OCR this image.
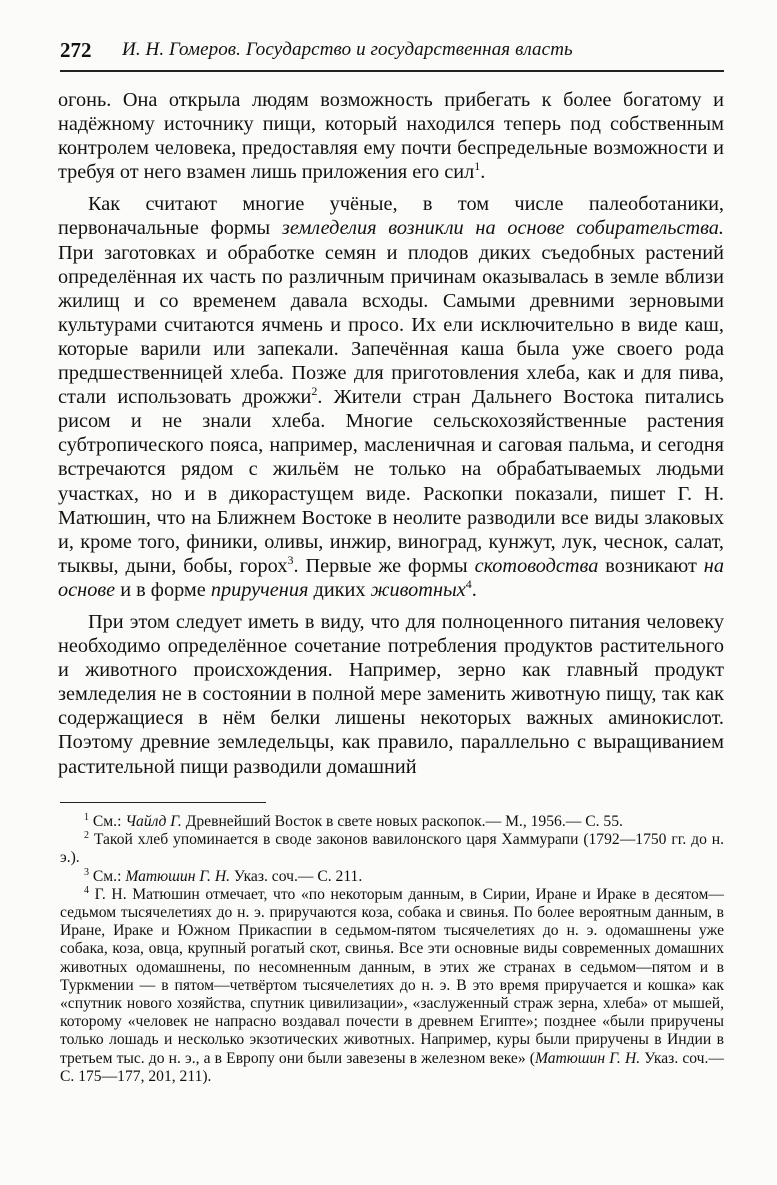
272 И. Н. Гомеров. Государство и государственная власть

огонь. Она открыла людям возможность прибегать к более богатому и надёжному источнику пищи, который находился теперь под собственным контролем человека, предоставляя ему почти беспредельные возможности и требуя от него взамен лишь приложения его сил$^1$.

Как считают многие учёные, в том числе палеоботаники, первоначальные формы земледелия возникли на основе собирательства. При заготовках и обработке семян и плодов диких съедобных растений определённая их часть по различным причинам оказывалась в земле вблизи жилищ и со временем давала всходы. Самыми древними зерновыми культурами считаются ячмень и просо. Их ели исключительно в виде каш, которые варили или запекали. Запечённая каша была уже своего рода предшественницей хлеба. Позже для приготовления хлеба, как и для пива, стали использовать дрожжи$^2$. Жители стран Дальнего Востока питались рисом и не знали хлеба. Многие сельскохозяйственные растения субтропического пояса, например, масленичная и саговая пальма, и сегодня встречаются рядом с жильём не только на обрабатываемых людьми участках, но и в дикорастущем виде. Раскопки показали, пишет Г. Н. Матюшин, что на Ближнем Востоке в неолите разводили все виды злаковых и, кроме того, финики, оливы, инжир, виноград, кунжут, лук, чеснок, салат, тыквы, дыни, бобы, горох$^3$. Первые же формы скотоводства возникают на основе и в форме приручения диких животных$^4$.

При этом следует иметь в виду, что для полноценного питания человеку необходимо определённое сочетание потребления продуктов растительного и животного происхождения. Например, зерно как главный продукт земледелия не в состоянии в полной мере заменить животную пищу, так как содержащиеся в нём белки лишены некоторых важных аминокислот. Поэтому древние земледельцы, как правило, параллельно с выращиванием растительной пищи разводили домашний

$^1$ См.: Чайлд Г. Древнейший Восток в свете новых раскопок.— М., 1956.— С. 55.

$^2$ Такой хлеб упоминается в своде законов вавилонского царя Хаммурапи (1792—1750 гг. до н. э.).

$^3$ См.: Матюшин Г. Н. Указ. соч.— С. 211.

$^4$ Г. Н. Матюшин отмечает, что «по некоторым данным, в Сирии, Иране и Ираке в десятом—седьмом тысячелетиях до н. э. приручаются коза, собака и свинья. По более вероятным данным, в Иране, Ираке и Южном Прикаспии в седьмом-пятом тысячелетиях до н. э. одомашнены уже собака, коза, овца, крупный рогатый скот, свинья. Все эти основные виды современных домашних животных одомашнены, по несомненным данным, в этих же странах в седьмом—пятом и в Туркмении — в пятом—четвёртом тысячелетиях до н. э. В это время приручается и кошка» как «спутник нового хозяйства, спутник цивилизации», «заслуженный страж зерна, хлеба» от мышей, которому «человек не напрасно воздавал почести в древнем Египте»; позднее «были приручены только лошадь и несколько экзотических животных. Например, куры были приручены в Индии в третьем тыс. до н. э., а в Европу они были завезены в железном веке» (Матюшин Г. Н. Указ. соч.— С. 175—177, 201, 211).
